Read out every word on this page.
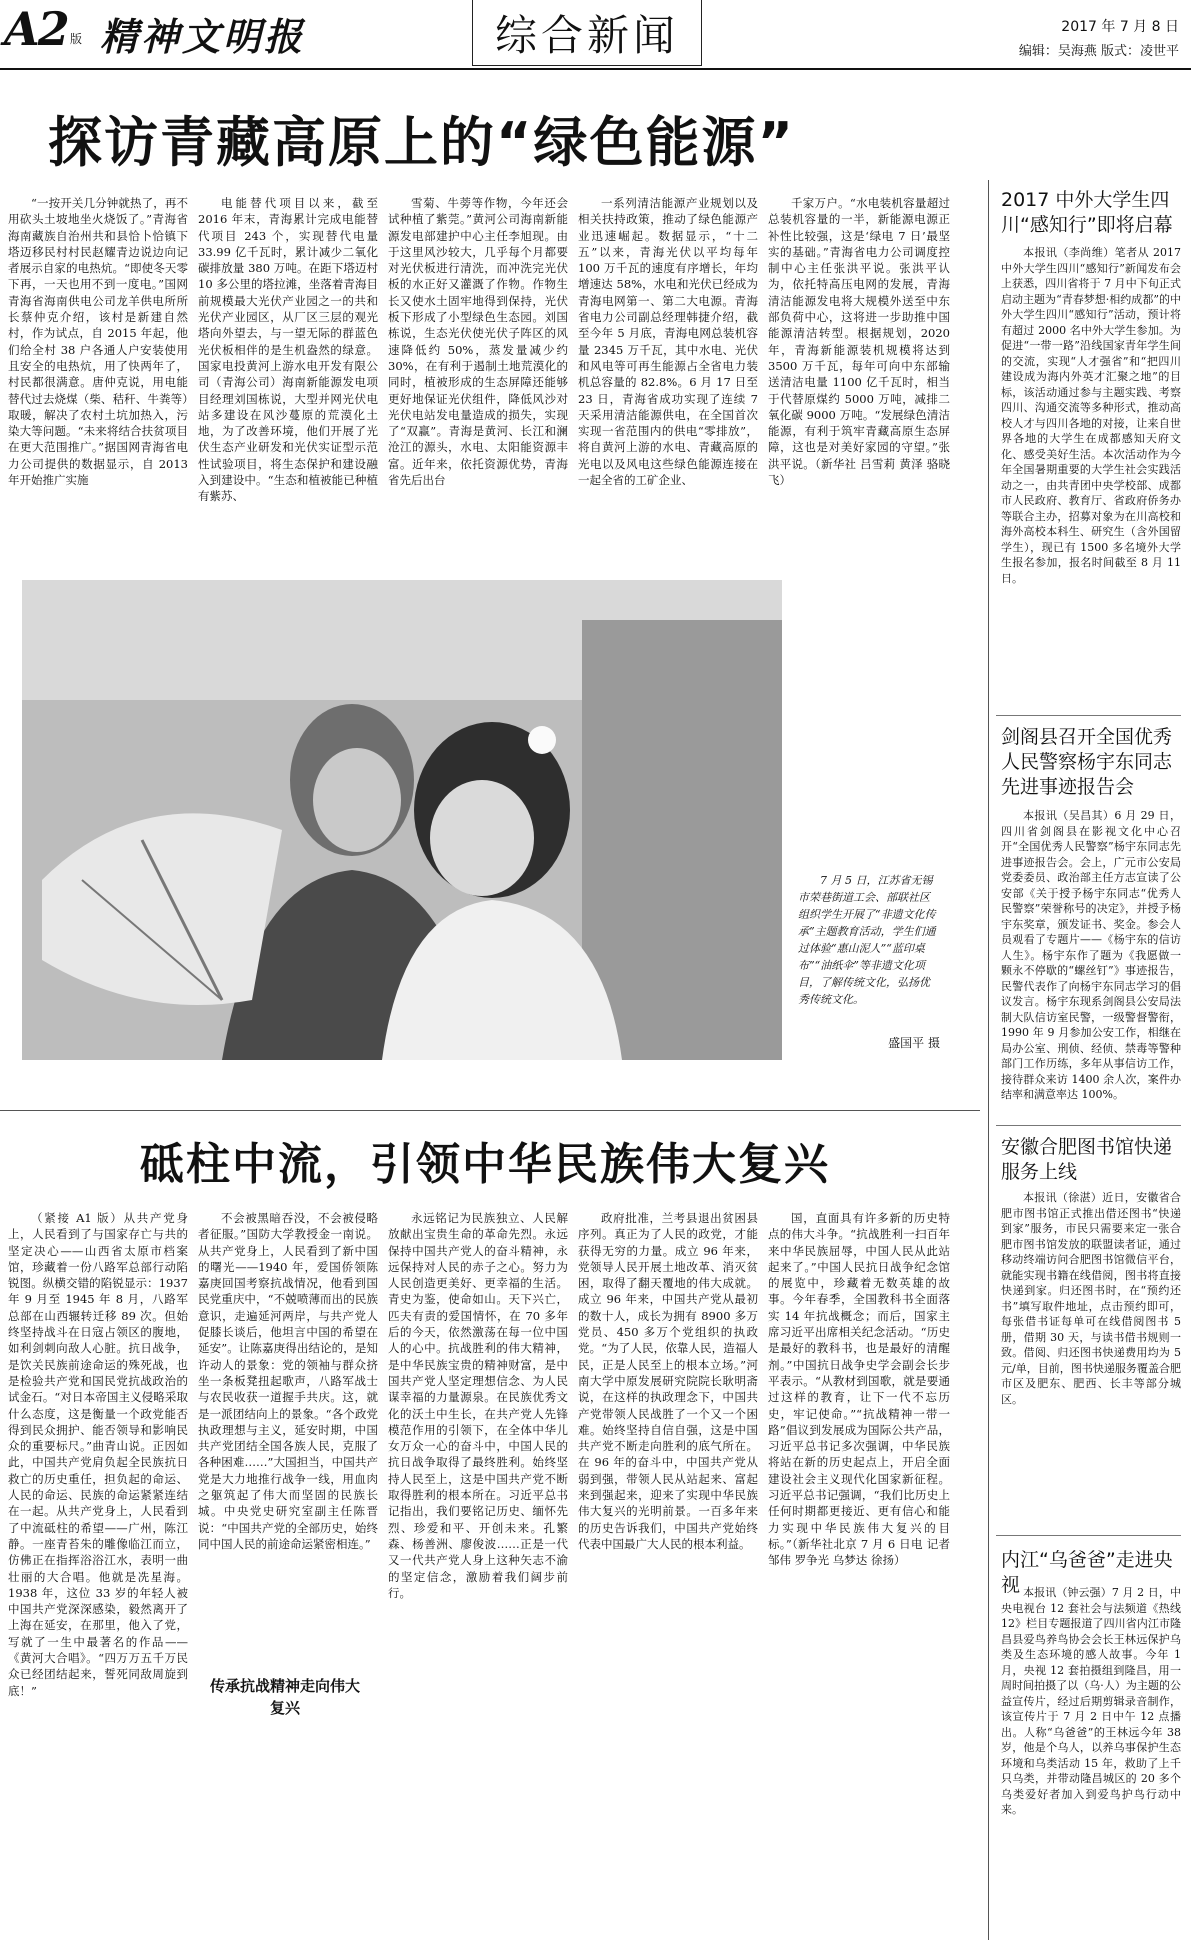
A2 版 精神文明报	综合新闻	2017 年 7 月 8 日
编辑：吴海燕 版式：凌世平
探访青藏高原上的“绿色能源”
“一按开关几分钟就热了，再不用砍头土坡地坐火烧饭了。”青海省海南藏族自治州共和县恰卜恰镇下塔迈移民村村民赵耀青边说边向记者展示自家的电热炕。“即使冬天零下再，一天也用不到一度电。”国网青海省海南供电公司龙羊供电所所长蔡仲克介绍，该村是新建自然村，作为试点，自 2015 年起，他们给全村 38 户各通人户安装使用且安全的电热炕，用了快两年了，村民都很满意。唐仲克说，用电能替代过去烧煤（柴、秸秆、牛粪等）取暖，解决了农村土坑加热入，污染大等问题。“未来将结合扶贫项目在更大范围推广。”据国网青海省电力公司提供的数据显示，自 2013 年开始推广实施
电能替代项目以来，截至 2016 年末，青海累计完成电能替代项目 243 个，实现替代电量 33.99 亿千瓦时，累计减少二氧化碳排放量 380 万吨。在距下塔迈村 10 多公里的塔拉滩，坐落着青海目前规模最大光伏产业园之一的共和光伏产业园区，从厂区三层的观光塔向外望去，与一望无际的群蓝色光伏板相伴的是生机盎然的绿意。国家电投黄河上游水电开发有限公司（青海公司）海南新能源发电项目经理刘国栋说，大型并网光伏电站多建设在风沙蔓原的荒漠化土地，为了改善环境，他们开展了光伏生态产业研发和光伏实证型示范性试验项目，将生态保护和建设融入到建设中。“生态和植被能已种植有紫苏、
雪菊、牛蒡等作物，今年还会试种植了紫莞。”黄河公司海南新能源发电部建护中心主任李旭现。由于这里风沙较大，几乎每个月都要对光伏板进行清洗，而冲洗完光伏板的水正好又灌溉了作物。作物生长又使水土固牢地得到保持，光伏板下形成了小型绿色生态园。刘国栋说，生态光伏使光伏子阵区的风速降低约 50%，蒸发量减少约 30%，在有利于遏制土地荒漠化的同时，植被形成的生态屏障还能够更好地保证光伏组件，降低风沙对光伏电站发电量造成的损失，实现了“双赢”。青海是黄河、长江和澜沧江的源头，水电、太阳能资源丰富。近年来，依托资源优势，青海省先后出台
一系列清洁能源产业规划以及相关扶持政策，推动了绿色能源产业迅速崛起。数据显示，“十二五”以来，青海光伏以平均每年 100 万千瓦的速度有序增长，年均增速达 58%，水电和光伏已经成为青海电网第一、第二大电源。青海省电力公司副总经理韩捷介绍，截至今年 5 月底，青海电网总装机容量 2345 万千瓦，其中水电、光伏和风电等可再生能源占全省电力装机总容量的 82.8%。6 月 17 日至 23 日，青海省成功实现了连续 7 天采用清洁能源供电，在全国首次实现一省范围内的供电“零排放”，将自黄河上游的水电、青藏高原的光电以及风电这些绿色能源连接在一起全省的工矿企业、
千家万户。“水电装机容量超过总装机容量的一半，新能源电源正补性比较强，这是‘绿电 7 日’最坚实的基础。”青海省电力公司调度控制中心主任张洪平说。张洪平认为，依托特高压电网的发展，青海清洁能源发电将大规模外送至中东部负荷中心，这将进一步助推中国能源清洁转型。根据规划，2020 年，青海新能源装机规模将达到 3500 万千瓦，每年可向中东部输送清洁电量 1100 亿千瓦时，相当于代替原煤约 5000 万吨，减排二氧化碳 9000 万吨。“发展绿色清洁能源，有利于筑牢青藏高原生态屏障，这也是对美好家园的守望。”张洪平说。（新华社 吕雪莉 黄泽 骆晓飞）
7 月 5 日，江苏省无锡市荣巷街道工会、部联社区组织学生开展了“非遗文化传承”主题教育活动，学生们通过体验“惠山泥人”“蓝印桌布”“油纸伞”等非遗文化项目，了解传统文化，弘扬优秀传统文化。
盛国平 摄
砥柱中流，引领中华民族伟大复兴
（紧接 A1 版）从共产党身上，人民看到了与国家存亡与共的坚定决心——山西省太原市档案馆，珍藏着一份八路军总部行动陷锐图。纵横交错的陷锐显示：1937 年 9 月至 1945 年 8 月，八路军总部在山西辗转迁移 89 次。但始终坚持战斗在日寇占领区的腹地，如利剑刺向敌人心脏。抗日战争，是饮关民族前途命运的殊死战，也是检验共产党和国民党抗战政治的试金石。“对日本帝国主义侵略采取什么态度，这是衡量一个政党能否得到民众拥护、能否领导和影响民众的重要标尺。”曲青山说。正因如此，中国共产党肩负起全民族抗日救亡的历史重任，担负起的命运、人民的命运、民族的命运紧紧连结在一起。从共产党身上，人民看到了中流砥柱的希望——广州，陈江静。一座青苔朱的雕像临江而立，仿佛正在指挥浴浴江水，表明一曲壮丽的大合唱。他就是冼星海。1938 年，这位 33 岁的年轻人被中国共产党深深感染，毅然离开了上海在延安，在那里，他入了党，写就了一生中最著名的作品——《黄河大合唱》。“四万万五千万民众已经团结起来，誓死同敌周旋到底！”
不会被黑暗吞没，不会被侵略者征服。”国防大学教授金一南说。从共产党身上，人民看到了新中国的曙光——1940 年，爱国侨领陈嘉庚回国考察抗战情况，他看到国民党重庆中，“不兢喷薄而出的民族意识，走遍延河两岸，与共产党人促膝长谈后，他坦言中国的希望在延安”。让陈嘉庚得出结论的，是知许动人的景象：党的领袖与群众挤坐一条板凳扭起歌声，八路军战士与农民收获一道握手共庆。这，就是一派团结向上的景象。“各个政党执政理想与主义，延安时期，中国共产党团结全国各族人民，克服了各种困难……”大国担当，中国共产党是大力地推行战争一线，用血肉之躯筑起了伟大而坚固的民族长城。中央党史研究室副主任陈晋说：“中国共产党的全部历史，始终同中国人民的前途命运紧密相连。”
传承抗战精神走向伟大复兴
永远铭记为民族独立、人民解放献出宝贵生命的革命先烈。永远保持中国共产党人的奋斗精神，永远保持对人民的赤子之心。努力为人民创造更美好、更幸福的生活。青史为鉴，使命如山。天下兴亡，匹夫有责的爱国情怀，在 70 多年后的今天，依然激荡在每一位中国人的心中。抗战胜利的伟大精神，是中华民族宝贵的精神财富，是中国共产党人坚定理想信念、为人民谋幸福的力量源泉。在民族优秀文化的沃土中生长，在共产党人先锋模范作用的引领下，在全体中华儿女万众一心的奋斗中，中国人民的抗日战争取得了最终胜利。始终坚持人民至上，这是中国共产党不断取得胜利的根本所在。习近平总书记指出，我们要铭记历史、缅怀先烈、珍爱和平、开创未来。孔繁森、杨善洲、廖俊波……正是一代又一代共产党人身上这种矢志不渝的坚定信念，激励着我们阔步前行。
政府批准，兰考县退出贫困县序列。真正为了人民的政党，才能获得无穷的力量。成立 96 年来，党领导人民开展土地改革、消灭贫困，取得了翻天覆地的伟大成就。成立 96 年来，中国共产党从最初的数十人，成长为拥有 8900 多万党员、450 多万个党组织的执政党。“为了人民，依靠人民，造福人民，正是人民至上的根本立场。”河南大学中原发展研究院院长耿明斋说，在这样的执政理念下，中国共产党带领人民战胜了一个又一个困难。始终坚持自信自强，这是中国共产党不断走向胜利的底气所在。在 96 年的奋斗中，中国共产党从弱到强，带领人民从站起来、富起来到强起来，迎来了实现中华民族伟大复兴的光明前景。一百多年来的历史告诉我们，中国共产党始终代表中国最广大人民的根本利益。
国，直面具有许多新的历史特点的伟大斗争。“抗战胜利一扫百年来中华民族屈辱，中国人民从此站起来了。”中国人民抗日战争纪念馆的展览中，珍藏着无数英雄的故事。今年春季，全国教科书全面落实 14 年抗战概念；而后，国家主席习近平出席相关纪念活动。“历史是最好的教科书，也是最好的清醒剂。”中国抗日战争史学会副会长步平表示。“从教材到国歌，就是要通过这样的教育，让下一代不忘历史，牢记使命。”“抗战精神一带一路”倡议到发展成为国际公共产品，习近平总书记多次强调，中华民族将站在新的历史起点上，开启全面建设社会主义现代化国家新征程。习近平总书记强调，“我们比历史上任何时期都更接近、更有信心和能力实现中华民族伟大复兴的目标。”（新华社北京 7 月 6 日电 记者 邹伟 罗争光 乌梦达 徐扬）
2017 中外大学生四川“感知行”即将启幕
本报讯（李尚维）笔者从 2017 中外大学生四川“感知行”新闻发布会上获悉，四川省将于 7 月中下旬正式启动主题为“青春梦想·相约成都”的中外大学生四川“感知行”活动，预计将有超过 2000 名中外大学生参加。为促进“一带一路”沿线国家青年学生间的交流，实现“人才强省”和“把四川建设成为海内外英才汇聚之地”的目标，该活动通过参与主题实践、考察四川、沟通交流等多种形式，推动高校人才与四川各地的对接，让来自世界各地的大学生在成都感知天府文化、感受美好生活。本次活动作为今年全国暑期重要的大学生社会实践活动之一，由共青团中央学校部、成都市人民政府、教育厅、省政府侨务办等联合主办，招募对象为在川高校和海外高校本科生、研究生（含外国留学生），现已有 1500 多名境外大学生报名参加，报名时间截至 8 月 11 日。
剑阁县召开全国优秀人民警察杨宇东同志先进事迹报告会
本报讯（吴昌其）6 月 29 日，四川省剑阁县在影视文化中心召开“全国优秀人民警察”杨宇东同志先进事迹报告会。会上，广元市公安局党委委员、政治部主任方志宣读了公安部《关于授予杨宇东同志“优秀人民警察”荣誉称号的决定》，并授予杨宇东奖章，颁发证书、奖金。参会人员观看了专题片——《杨宇东的信访人生》。杨宇东作了题为《我愿做一颗永不停歇的“螺丝钉”》事迹报告，民警代表作了向杨宇东同志学习的倡议发言。杨宇东现系剑阁县公安局法制大队信访室民警，一级警督警衔，1990 年 9 月参加公安工作，相继在局办公室、刑侦、经侦、禁毒等警种部门工作历练，多年从事信访工作，接待群众来访 1400 余人次，案件办结率和满意率达 100%。
安徽合肥图书馆快递服务上线
本报讯（徐湛）近日，安徽省合肥市图书馆正式推出借还图书“快递到家”服务，市民只需要来定一张合肥市图书馆发放的联盟读者证，通过移动终端访问合肥图书馆微信平台，就能实现书籍在线借阅，图书将直接快递到家。归还图书时，在“预约还书”填写取件地址，点击预约即可，每张借书证每单可在线借阅图书 5 册，借期 30 天，与读书借书规则一致。借阅、归还图书快递费用均为 5 元/单，目前，图书快递服务覆盖合肥市区及肥东、肥西、长丰等部分城区。
内江“乌爸爸”走进央视 本报讯（钟云强）7 月 2 日，中央电视台 12 套社会与法频道《热线 12》栏目专题报道了四川省内江市隆昌县爱鸟养鸟协会会长王林远保护乌类及生态环境的感人故事。今年 1 月，央视 12 套拍摄组到隆昌，用一周时间拍摄了以（乌·人）为主题的公益宣传片，经过后期剪辑录音制作，该宣传片于 7 月 2 日中午 12 点播出。人称“乌爸爸”的王林远今年 38 岁，他是个乌人，以养乌事保护生态环境和乌类活动 15 年，救助了上千只乌类，并带动隆昌城区的 20 多个乌类爱好者加入到爱鸟护鸟行动中来。
